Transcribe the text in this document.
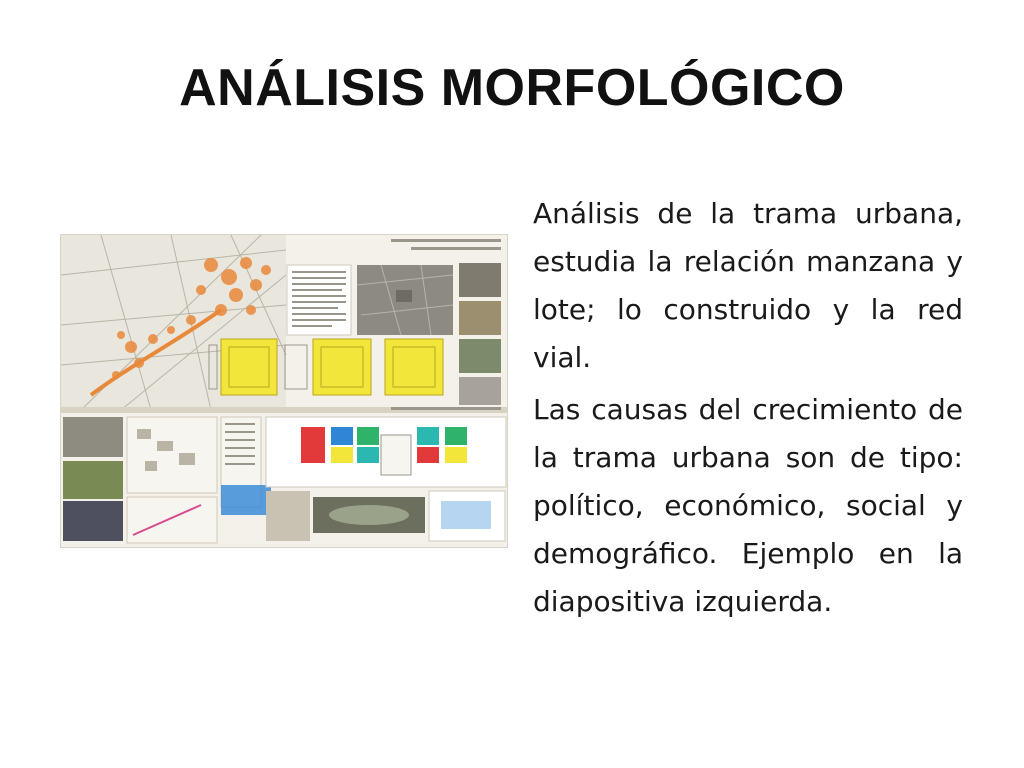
ANÁLISIS MORFOLÓGICO

Análisis de la trama urbana, estudia la relación manzana y lote; lo construido y la red vial.

Las causas del crecimiento de la trama urbana son de tipo: político, económico, social y demográfico. Ejemplo en la diapositiva izquierda.
